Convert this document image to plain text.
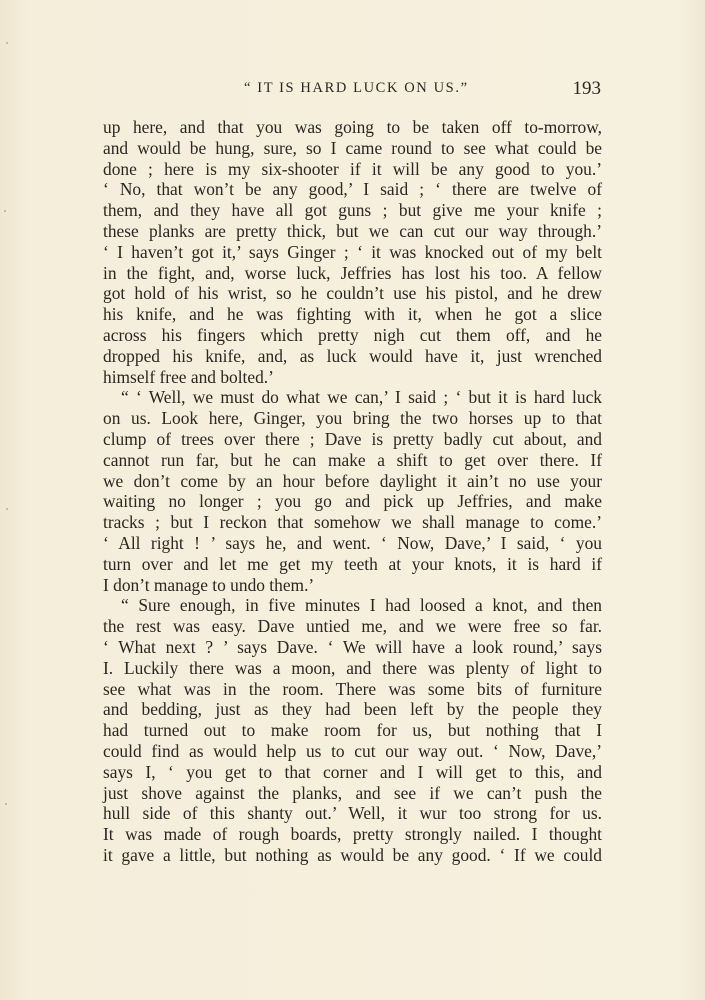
“ IT IS HARD LUCK ON US.”	193
up here, and that you was going to be taken off to-morrow,
and would be hung, sure, so I came round to see what could be
done ; here is my six-shooter if it will be any good to you.’
‘ No, that won’t be any good,’ I said ; ‘ there are twelve of
them, and they have all got guns ; but give me your knife ;
these planks are pretty thick, but we can cut our way through.’
‘ I haven’t got it,’ says Ginger ; ‘ it was knocked out of my belt
in the fight, and, worse luck, Jeffries has lost his too. A fellow
got hold of his wrist, so he couldn’t use his pistol, and he drew
his knife, and he was fighting with it, when he got a slice
across his fingers which pretty nigh cut them off, and he
dropped his knife, and, as luck would have it, just wrenched
himself free and bolted.’
“ ‘ Well, we must do what we can,’ I said ; ‘ but it is hard luck
on us. Look here, Ginger, you bring the two horses up to that
clump of trees over there ; Dave is pretty badly cut about, and
cannot run far, but he can make a shift to get over there. If
we don’t come by an hour before daylight it ain’t no use your
waiting no longer ; you go and pick up Jeffries, and make
tracks ; but I reckon that somehow we shall manage to come.’
‘ All right ! ’ says he, and went. ‘ Now, Dave,’ I said, ‘ you
turn over and let me get my teeth at your knots, it is hard if
I don’t manage to undo them.’
“ Sure enough, in five minutes I had loosed a knot, and then
the rest was easy. Dave untied me, and we were free so far.
‘ What next ? ’ says Dave. ‘ We will have a look round,’ says
I. Luckily there was a moon, and there was plenty of light to
see what was in the room. There was some bits of furniture
and bedding, just as they had been left by the people they
had turned out to make room for us, but nothing that I
could find as would help us to cut our way out. ‘ Now, Dave,’
says I, ‘ you get to that corner and I will get to this, and
just shove against the planks, and see if we can’t push the
hull side of this shanty out.’ Well, it wur too strong for us.
It was made of rough boards, pretty strongly nailed. I thought
it gave a little, but nothing as would be any good. ‘ If we could
